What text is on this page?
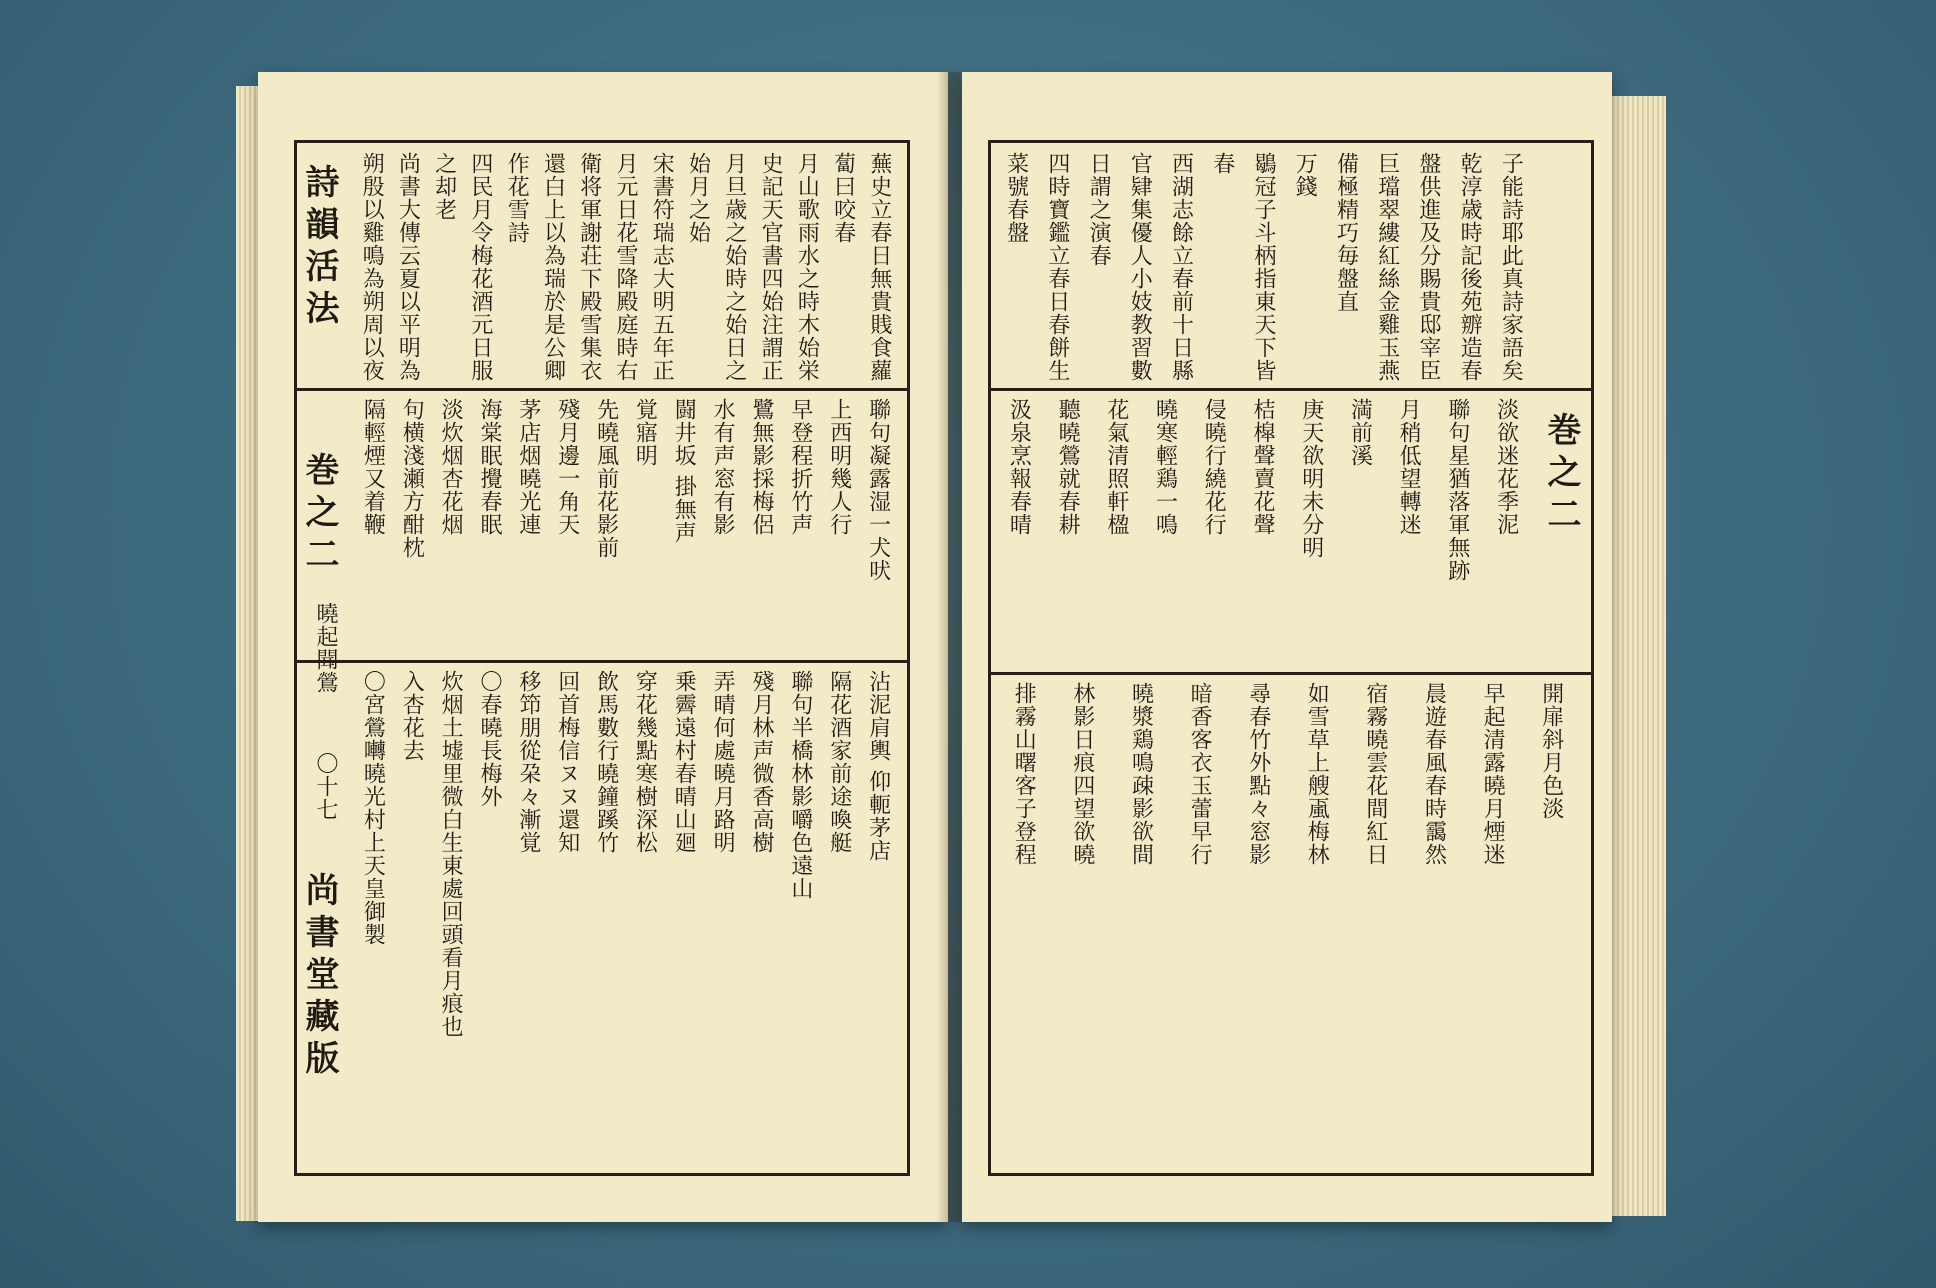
詩韻活法
巻之二
曉起聞鶯
〇十七
尚書堂藏版
蕪史立春日無貴賎食蘿
蔔曰咬春
月山歌雨水之時木始栄
史記天官書四始注謂正
月旦歳之始時之始日之
始月之始
宋書符瑞志大明五年正
月元日花雪降殿庭時右
衛将軍謝荘下殿雪集衣
還白上以為瑞於是公卿
作花雪詩
四民月令梅花酒元日服
之却老
尚書大傳云夏以平明為
朔殷以雞鳴為朔周以夜
聯句凝露湿一犬吠
上西明幾人行
早登程折竹声
鷺無影採梅侶
水有声窓有影
闘井坂 掛無声
覚寤明
先曉風前花影前
殘月邊一角天
茅店烟曉光連
海棠眠攪春眠
淡炊烟杏花烟
句横淺瀬方酣枕
隔輕煙又着鞭
沾泥肩輿 仰軛茅店
隔花酒家前途喚艇
聯句半橋林影嚼色遠山
殘月林声微香高樹
弄晴何處曉月路明
乗霽遠村春晴山廻
穿花幾點寒樹深松
飲馬數行曉鐘蹊竹
回首梅信ヌヌ還知
移笻朋從朶々漸覚
〇春曉長梅外
炊烟土墟里微白生東處回頭看月痕也
入杏花去
〇宮鶯囀曉光村上天皇御製
巻之二
子能詩耶此真詩家語矣
乾淳歳時記後苑辧造春
盤供進及分賜貴邸宰臣
巨璫翠縷紅絲金雞玉燕
備極精巧毎盤直
万錢
鶡冠子斗柄指東天下皆
春
西湖志餘立春前十日縣
官肄集優人小妓教習數
日謂之演春
四時寶鑑立春日春餅生
菜號春盤
淡欲迷花季泥
聯句星猶落軍無跡
月稍低望轉迷
満前溪
庚天欲明未分明
桔槹聲賣花聲
侵曉行繞花行
曉寒輕鶏一鳴
花氣清照軒楹
聽曉鶯就春耕
汲泉烹報春晴
開扉斜月色淡
早起清露曉月煙迷
晨遊春風春時靄然
宿霧曉雲花間紅日
如雪草上艘颪梅林
尋春竹外點々窓影
暗香客衣玉蕾早行
曉漿鶏鳴疎影欲間
林影日痕四望欲曉
排霧山曙客子登程
